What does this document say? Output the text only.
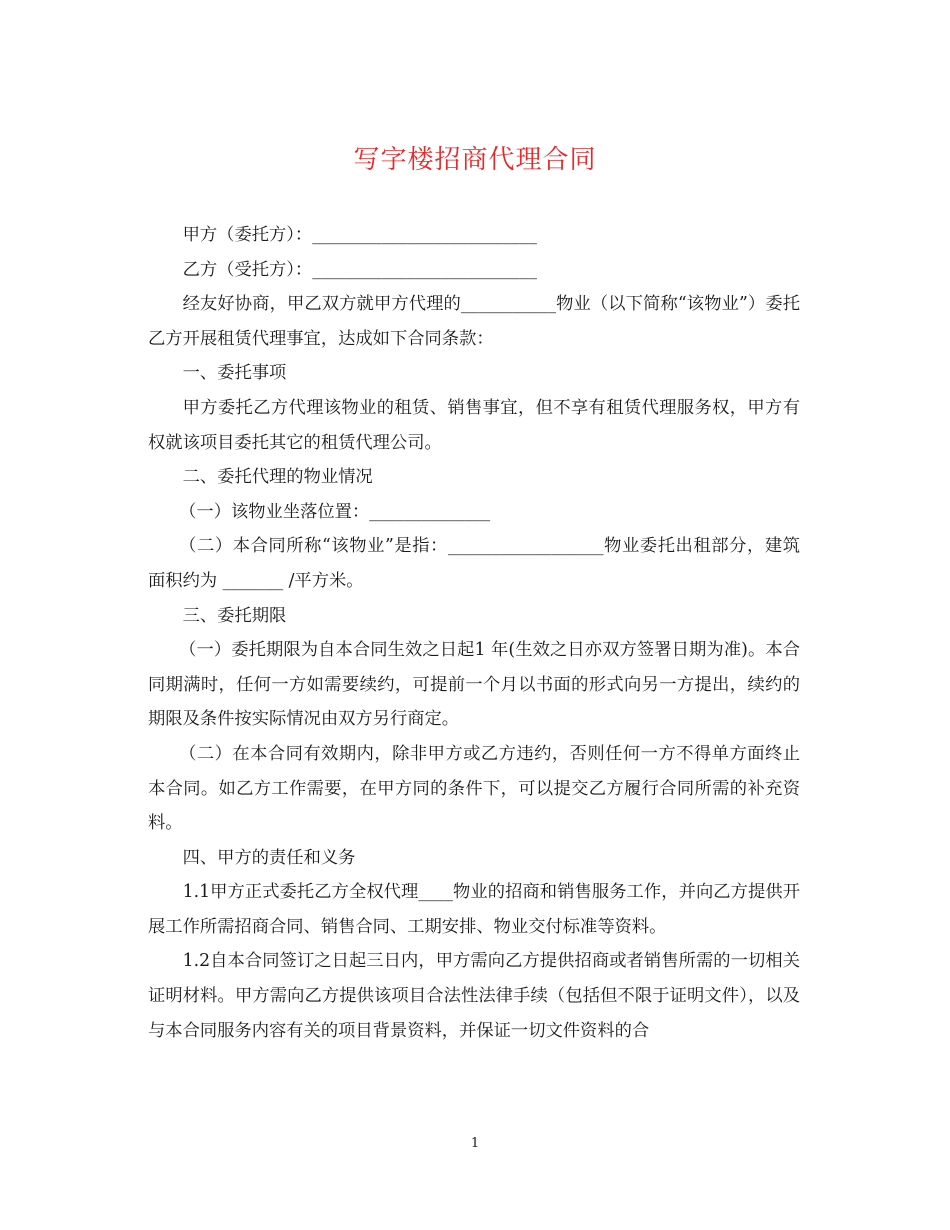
写字楼招商代理合同

甲方（委托方）：__________________________

乙方（受托方）：__________________________

经友好协商，甲乙双方就甲方代理的___________物业（以下简称“该物业”）委托乙方开展租赁代理事宜，达成如下合同条款：

一、委托事项

甲方委托乙方代理该物业的租赁、销售事宜，但不享有租赁代理服务权，甲方有权就该项目委托其它的租赁代理公司。

二、委托代理的物业情况

（一）该物业坐落位置：______________

（二）本合同所称“该物业”是指：__________________物业委托出租部分，建筑面积约为 _______ /平方米。

三、委托期限

（一）委托期限为自本合同生效之日起1 年(生效之日亦双方签署日期为准)。本合同期满时，任何一方如需要续约，可提前一个月以书面的形式向另一方提出，续约的期限及条件按实际情况由双方另行商定。

（二）在本合同有效期内，除非甲方或乙方违约，否则任何一方不得单方面终止本合同。如乙方工作需要，在甲方同的条件下，可以提交乙方履行合同所需的补充资料。

四、甲方的责任和义务

1.1甲方正式委托乙方全权代理____物业的招商和销售服务工作，并向乙方提供开展工作所需招商合同、销售合同、工期安排、物业交付标准等资料。

1.2自本合同签订之日起三日内，甲方需向乙方提供招商或者销售所需的一切相关证明材料。甲方需向乙方提供该项目合法性法律手续（包括但不限于证明文件），以及与本合同服务内容有关的项目背景资料，并保证一切文件资料的合

1
